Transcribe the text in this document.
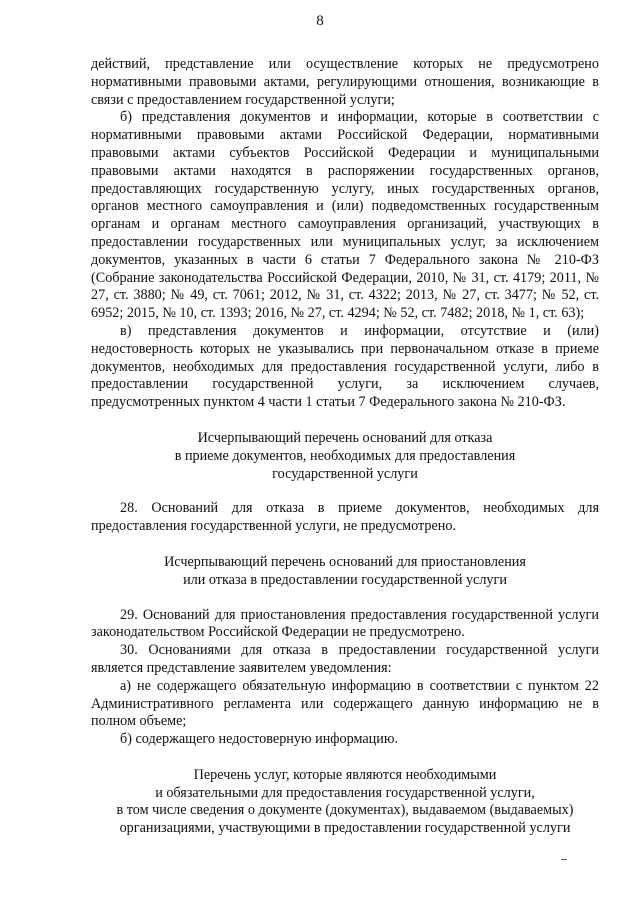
8

действий, представление или осуществление которых не предусмотрено нормативными правовыми актами, регулирующими отношения, возникающие в связи с предоставлением государственной услуги;

б) представления документов и информации, которые в соответствии с нормативными правовыми актами Российской Федерации, нормативными правовыми актами субъектов Российской Федерации и муниципальными правовыми актами находятся в распоряжении государственных органов, предоставляющих государственную услугу, иных государственных органов, органов местного самоуправления и (или) подведомственных государственным органам и органам местного самоуправления организаций, участвующих в предоставлении государственных или муниципальных услуг, за исключением документов, указанных в части 6 статьи 7 Федерального закона № 210-ФЗ (Собрание законодательства Российской Федерации, 2010, № 31, ст. 4179; 2011, № 27, ст. 3880; № 49, ст. 7061; 2012, № 31, ст. 4322; 2013, № 27, ст. 3477; № 52, ст. 6952; 2015, № 10, ст. 1393; 2016, № 27, ст. 4294; № 52, ст. 7482; 2018, № 1, ст. 63);

в) представления документов и информации, отсутствие и (или) недостоверность которых не указывались при первоначальном отказе в приеме документов, необходимых для предоставления государственной услуги, либо в предоставлении государственной услуги, за исключением случаев, предусмотренных пунктом 4 части 1 статьи 7 Федерального закона № 210-ФЗ.

Исчерпывающий перечень оснований для отказа
в приеме документов, необходимых для предоставления
государственной услуги

28. Оснований для отказа в приеме документов, необходимых для предоставления государственной услуги, не предусмотрено.

Исчерпывающий перечень оснований для приостановления
или отказа в предоставлении государственной услуги

29. Оснований для приостановления предоставления государственной услуги законодательством Российской Федерации не предусмотрено.

30. Основаниями для отказа в предоставлении государственной услуги является представление заявителем уведомления:

а) не содержащего обязательную информацию в соответствии с пунктом 22 Административного регламента или содержащего данную информацию не в полном объеме;

б) содержащего недостоверную информацию.

Перечень услуг, которые являются необходимыми
и обязательными для предоставления государственной услуги,
в том числе сведения о документе (документах), выдаваемом (выдаваемых)
организациями, участвующими в предоставлении государственной услуги
